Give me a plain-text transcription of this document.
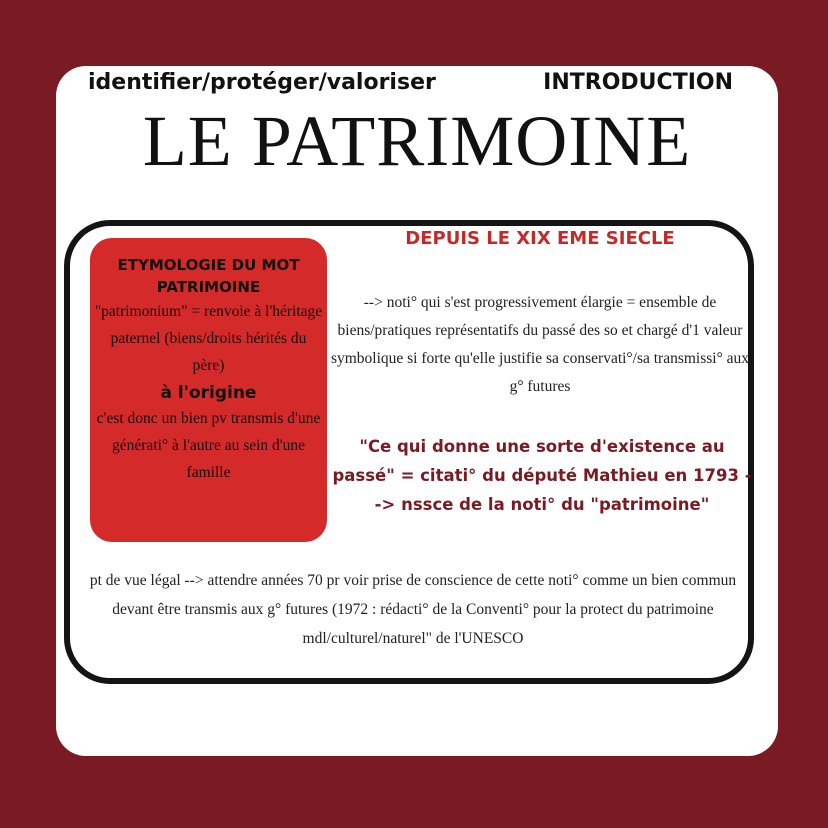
identifier/protéger/valoriser	INTRODUCTION
LE PATRIMOINE
ETYMOLOGIE DU MOT PATRIMOINE
"patrimonium" = renvoie à l'héritage paternel (biens/droits hérités du père)
à l'origine
c'est donc un bien pv transmis d'une générati° à l'autre au sein d'une famille
DEPUIS LE XIX EME SIECLE
--> noti° qui s'est progressivement élargie = ensemble de biens/pratiques représentatifs du passé des so et chargé d'1 valeur symbolique si forte qu'elle justifie sa conservati°/sa transmissi° aux g° futures
"Ce qui donne une sorte d'existence au passé" = citati° du député Mathieu en 1793 --> nssce de la noti° du "patrimoine"
pt de vue légal --> attendre années 70 pr voir prise de conscience de cette noti° comme un bien commun devant être transmis aux g° futures (1972 : rédacti° de la Conventi° pour la protect du patrimoine mdl/culturel/naturel" de l'UNESCO
